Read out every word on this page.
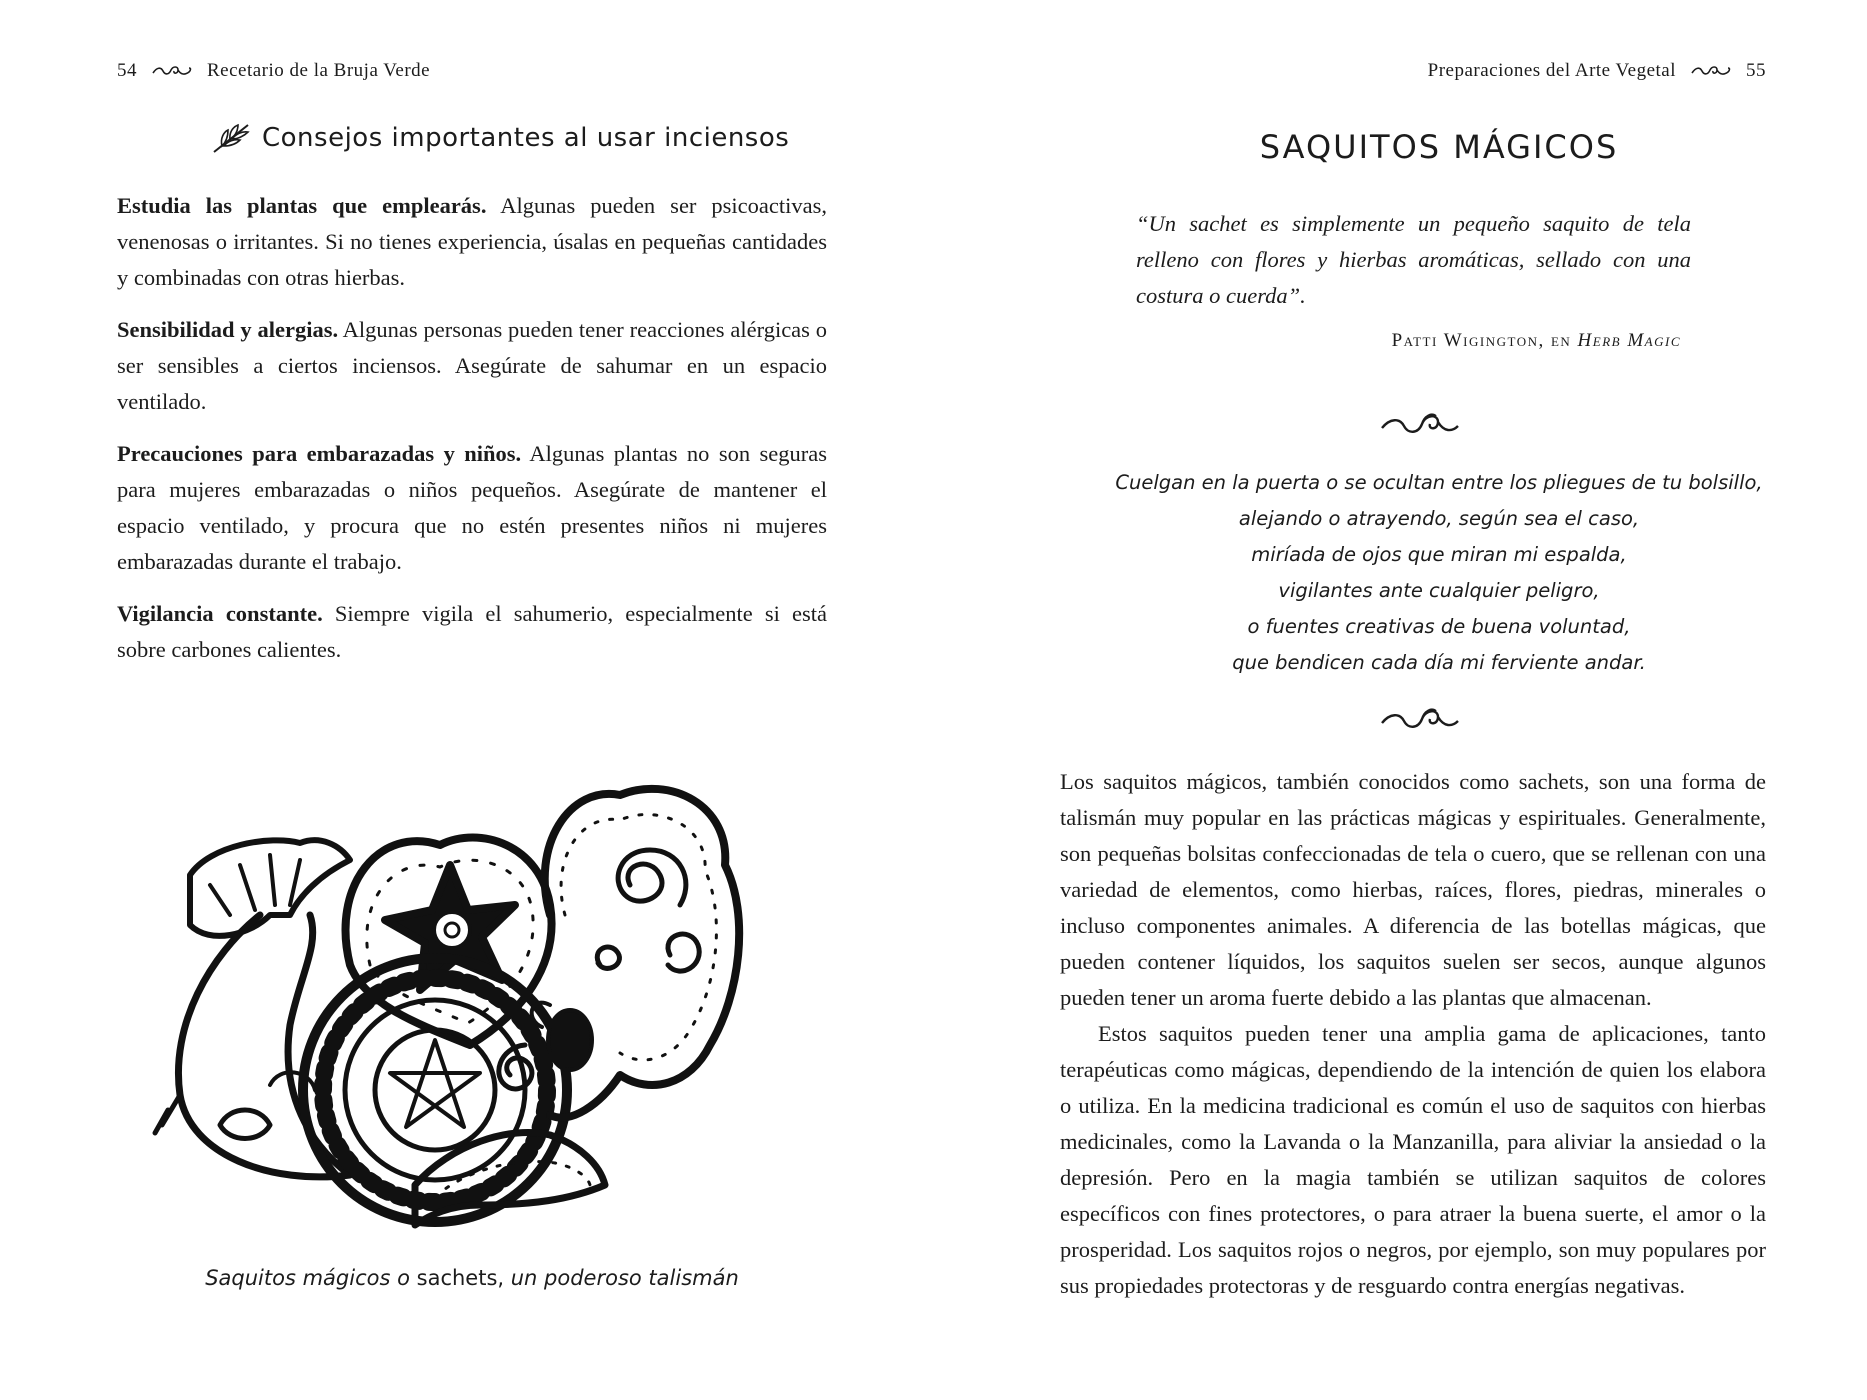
54	Recetario de la Bruja Verde
Consejos importantes al usar inciensos

Estudia las plantas que emplearás. Algunas pueden ser psicoactivas, venenosas o irritantes. Si no tienes experiencia, úsalas en pequeñas cantidades y combinadas con otras hierbas.

Sensibilidad y alergias. Algunas personas pueden tener reacciones alérgicas o ser sensibles a ciertos inciensos. Asegúrate de sahumar en un espacio ventilado.

Precauciones para embarazadas y niños. Algunas plantas no son seguras para mujeres embarazadas o niños pequeños. Asegúrate de mantener el espacio ventilado, y procura que no estén presentes niños ni mujeres embarazadas durante el trabajo.

Vigilancia constante. Siempre vigila el sahumerio, especialmente si está sobre carbones calientes.

Saquitos mágicos o sachets, un poderoso talismán
Preparaciones del Arte Vegetal	55
SAQUITOS MÁGICOS
“Un sachet es simplemente un pequeño saquito de tela relleno con flores y hierbas aromáticas, sellado con una costura o cuerda”.
Patti Wigington, en Herb Magic
Cuelgan en la puerta o se ocultan entre los pliegues de tu bolsillo,
alejando o atrayendo, según sea el caso,
miríada de ojos que miran mi espalda,
vigilantes ante cualquier peligro,
o fuentes creativas de buena voluntad,
que bendicen cada día mi ferviente andar.

Los saquitos mágicos, también conocidos como sachets, son una forma de talismán muy popular en las prácticas mágicas y espirituales. Generalmente, son pequeñas bolsitas confeccionadas de tela o cuero, que se rellenan con una variedad de elementos, como hierbas, raíces, flores, piedras, minerales o incluso componentes animales. A diferencia de las botellas mágicas, que pueden contener líquidos, los saquitos suelen ser secos, aunque algunos pueden tener un aroma fuerte debido a las plantas que almacenan.

Estos saquitos pueden tener una amplia gama de aplicaciones, tanto terapéuticas como mágicas, dependiendo de la intención de quien los elabora o utiliza. En la medicina tradicional es común el uso de saquitos con hierbas medicinales, como la Lavanda o la Manzanilla, para aliviar la ansiedad o la depresión. Pero en la magia también se utilizan saquitos de colores específicos con fines protectores, o para atraer la buena suerte, el amor o la prosperidad. Los saquitos rojos o negros, por ejemplo, son muy populares por sus propiedades protectoras y de resguardo contra energías negativas.
